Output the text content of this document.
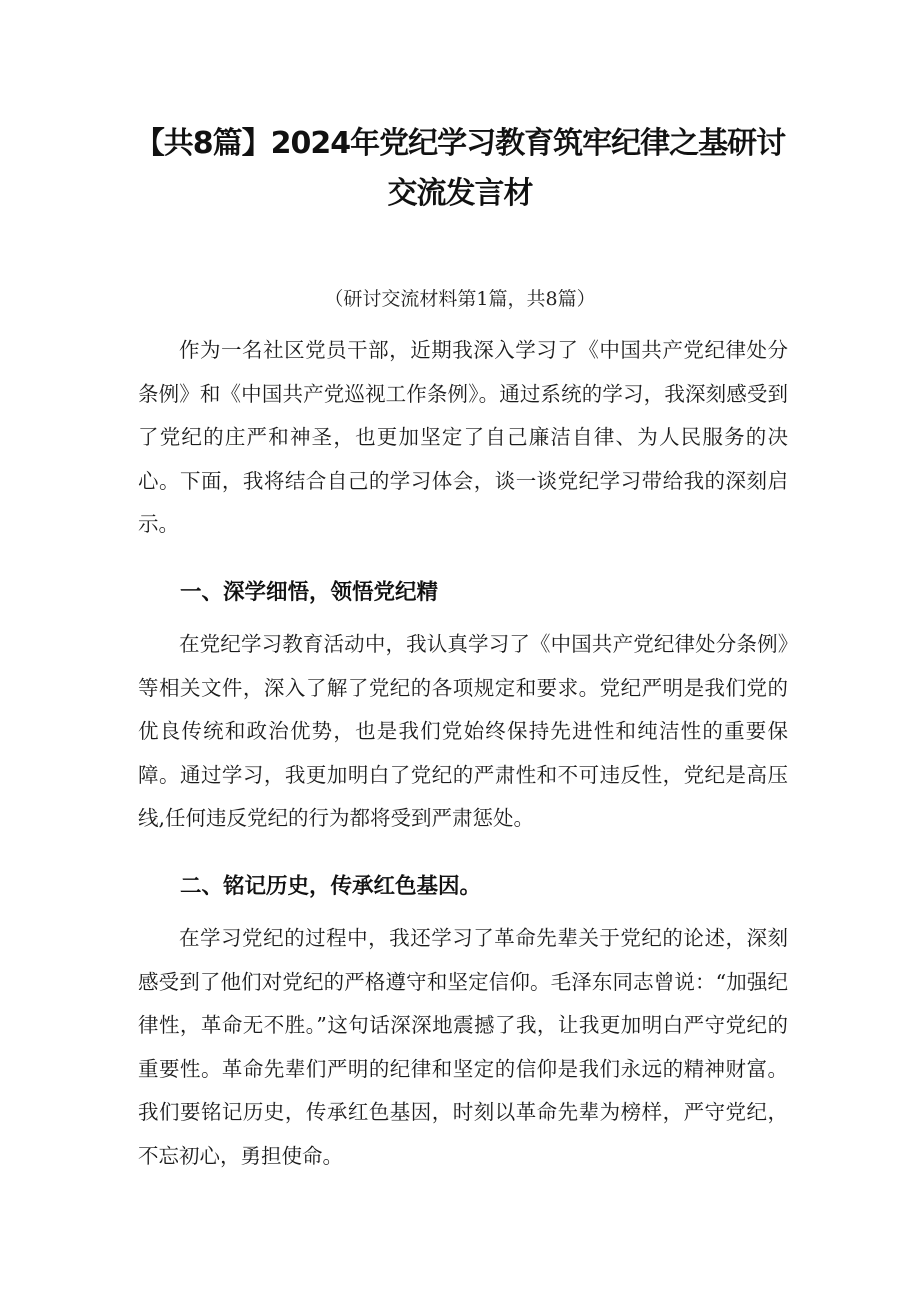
【共8篇】2024年党纪学习教育筑牢纪律之基研讨
交流发言材
（研讨交流材料第1篇，共8篇）

作为一名社区党员干部，近期我深入学习了《中国共产党纪律处分条例》和《中国共产党巡视工作条例》。通过系统的学习，我深刻感受到了党纪的庄严和神圣，也更加坚定了自己廉洁自律、为人民服务的决心。下面，我将结合自己的学习体会，谈一谈党纪学习带给我的深刻启示。

一、深学细悟，领悟党纪精

在党纪学习教育活动中，我认真学习了《中国共产党纪律处分条例》等相关文件，深入了解了党纪的各项规定和要求。党纪严明是我们党的优良传统和政治优势，也是我们党始终保持先进性和纯洁性的重要保障。通过学习，我更加明白了党纪的严肃性和不可违反性，党纪是高压线,任何违反党纪的行为都将受到严肃惩处。

二、铭记历史，传承红色基因。

在学习党纪的过程中，我还学习了革命先辈关于党纪的论述，深刻感受到了他们对党纪的严格遵守和坚定信仰。毛泽东同志曾说：“加强纪律性，革命无不胜。”这句话深深地震撼了我，让我更加明白严守党纪的重要性。革命先辈们严明的纪律和坚定的信仰是我们永远的精神财富。我们要铭记历史，传承红色基因，时刻以革命先辈为榜样，严守党纪，不忘初心，勇担使命。
